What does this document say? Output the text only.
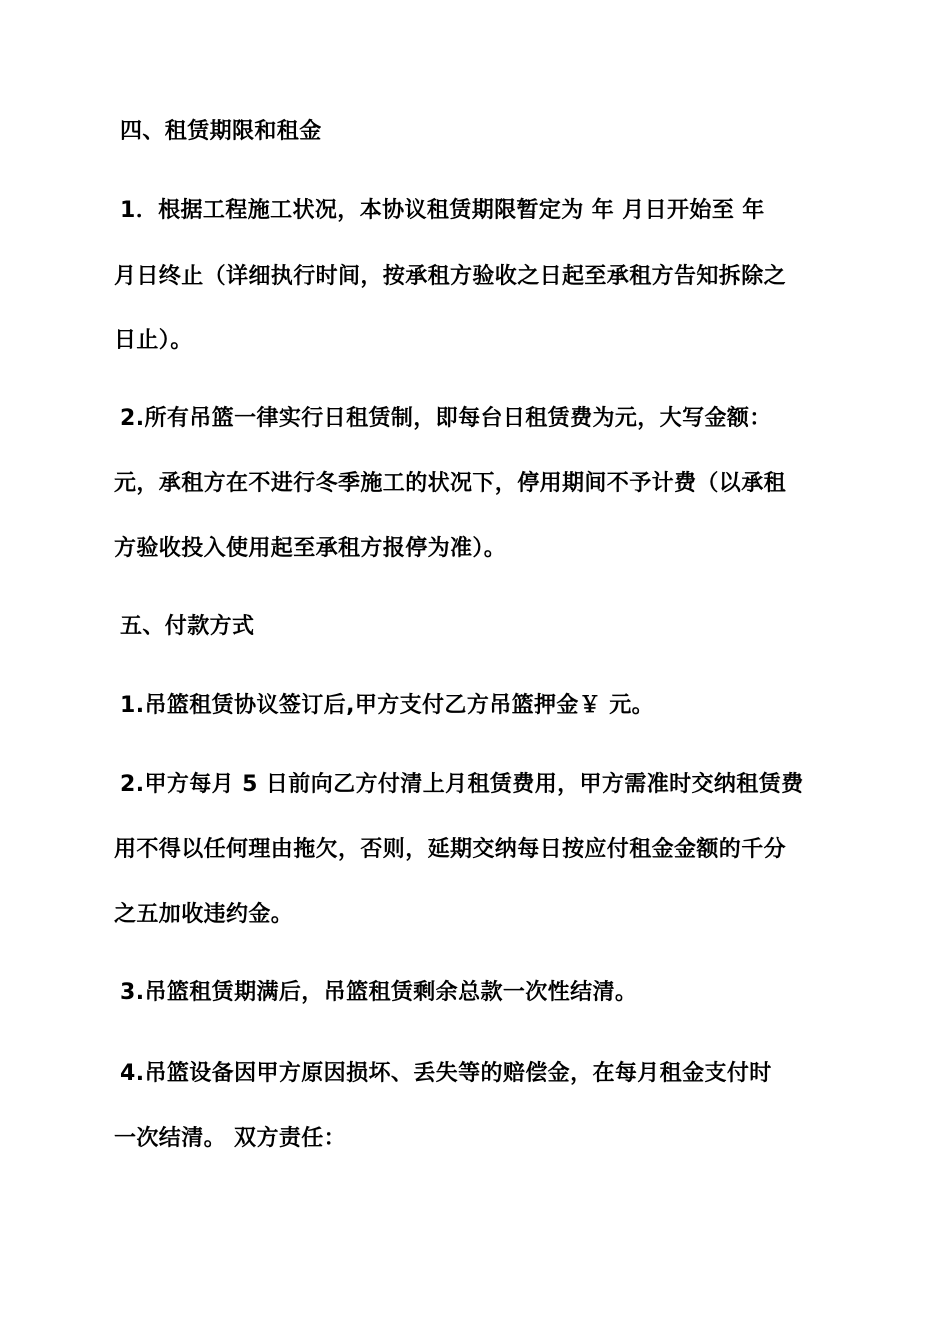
四、租赁期限和租金
1．根据工程施工状况，本协议租赁期限暂定为 年 月日开始至 年
月日终止（详细执行时间，按承租方验收之日起至承租方告知拆除之
日止）。
2.所有吊篮一律实行日租赁制，即每台日租赁费为元，大写金额：
元，承租方在不进行冬季施工的状况下，停用期间不予计费（以承租
方验收投入使用起至承租方报停为准）。
五、付款方式
1.吊篮租赁协议签订后,甲方支付乙方吊篮押金￥ 元。
2.甲方每月 5 日前向乙方付清上月租赁费用，甲方需准时交纳租赁费
用不得以任何理由拖欠，否则，延期交纳每日按应付租金金额的千分
之五加收违约金。
3.吊篮租赁期满后，吊篮租赁剩余总款一次性结清。
4.吊篮设备因甲方原因损坏、丢失等的赔偿金，在每月租金支付时
一次结清。 双方责任：
